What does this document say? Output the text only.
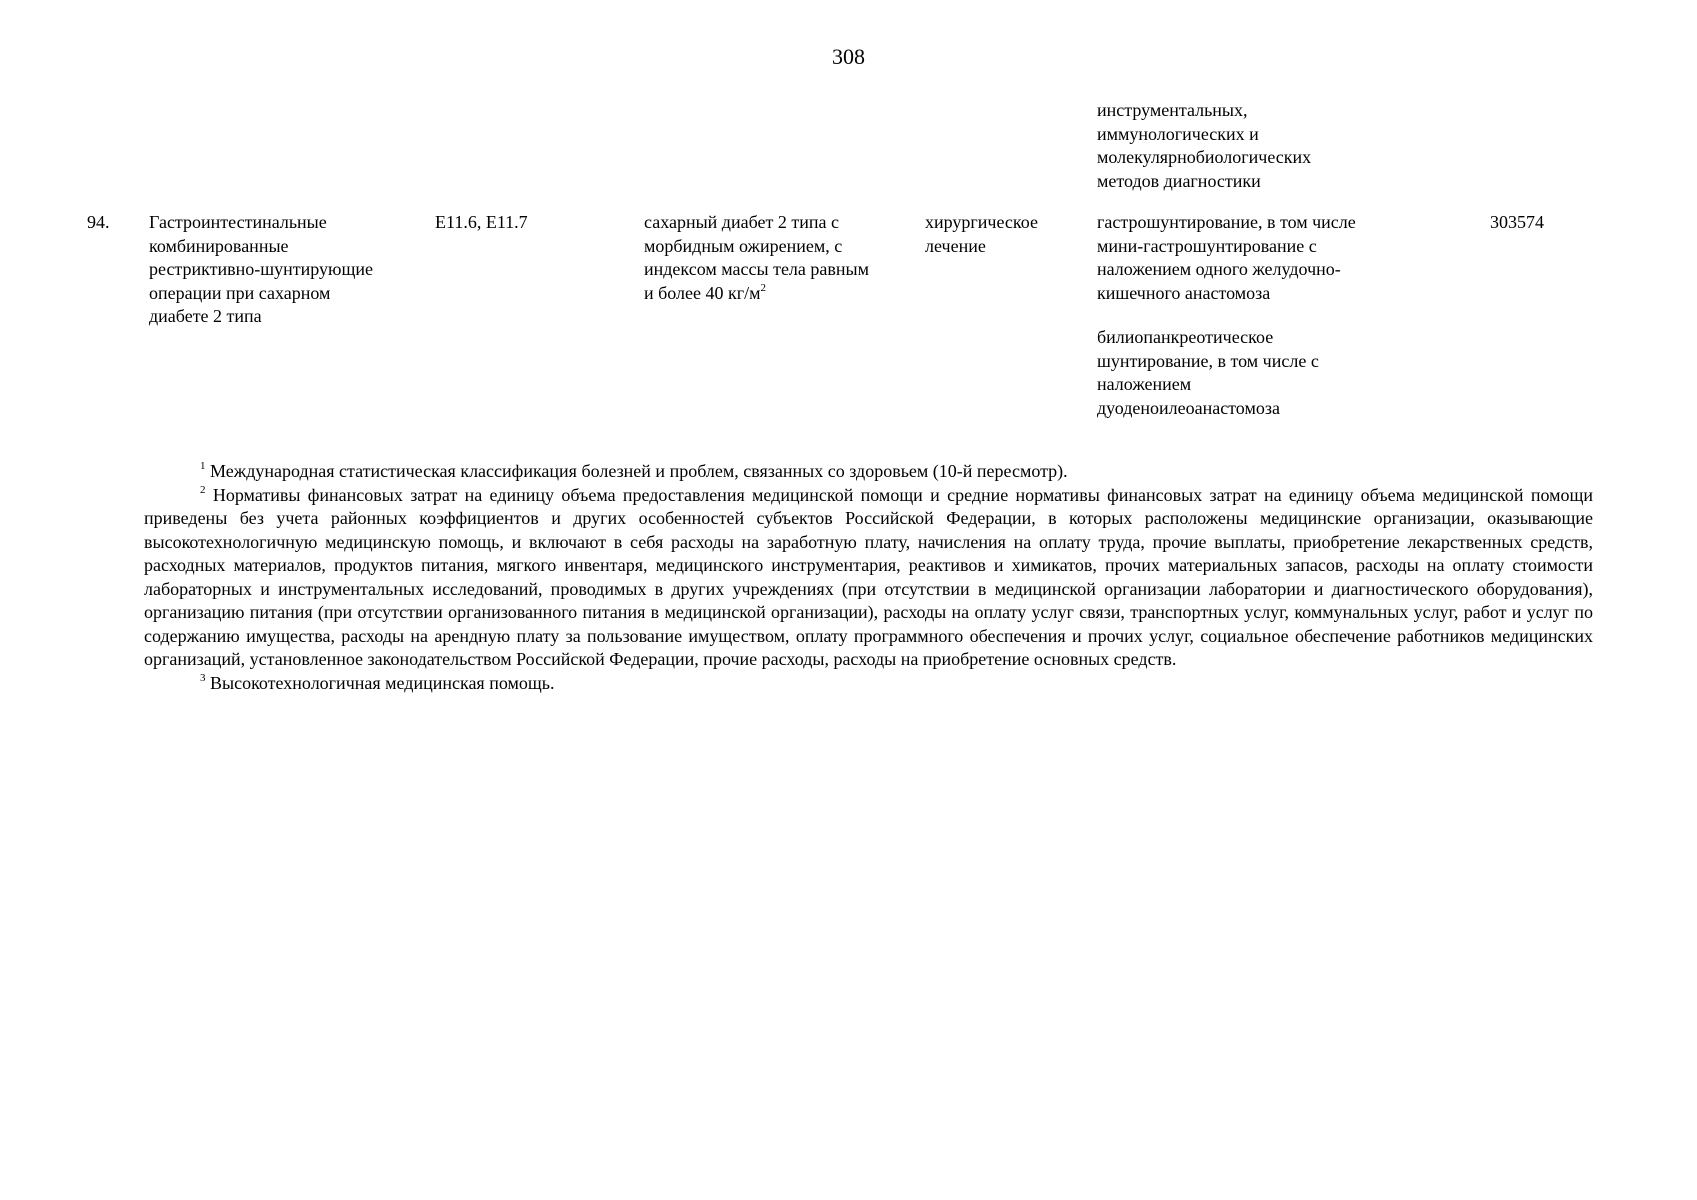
308
инструментальных,
иммунологических и
молекулярнобиологических
методов диагностики
94. Гастроинтестинальные
комбинированные
рестриктивно-шунтирующие
операции при сахарном
диабете 2 типа
E11.6, E11.7	сахарный диабет 2 типа с
морбидным ожирением, с
индексом массы тела равным
и более 40 $кг/м^2$
хирургическое
лечение
гастрошунтирование, в том числе
мини-гастрошунтирование с
наложением одного желудочно-
кишечного анастомоза
билиопанкреотическое
шунтирование, в том числе с
наложением
дуоденоилеоанастомоза
303574

$^1$ Международная статистическая классификация болезней и проблем, связанных со здоровьем (10-й пересмотр).

$^2$ Нормативы финансовых затрат на единицу объема предоставления медицинской помощи и средние нормативы финансовых затрат на единицу объема медицинской помощи приведены без учета районных коэффициентов и других особенностей субъектов Российской Федерации, в которых расположены медицинские организации, оказывающие высокотехнологичную медицинскую помощь, и включают в себя расходы на заработную плату, начисления на оплату труда, прочие выплаты, приобретение лекарственных средств, расходных материалов, продуктов питания, мягкого инвентаря, медицинского инструментария, реактивов и химикатов, прочих материальных запасов, расходы на оплату стоимости лабораторных и инструментальных исследований, проводимых в других учреждениях (при отсутствии в медицинской организации лаборатории и диагностического оборудования), организацию питания (при отсутствии организованного питания в медицинской организации), расходы на оплату услуг связи, транспортных услуг, коммунальных услуг, работ и услуг по содержанию имущества, расходы на арендную плату за пользование имуществом, оплату программного обеспечения и прочих услуг, социальное обеспечение работников медицинских организаций, установленное законодательством Российской Федерации, прочие расходы, расходы на приобретение основных средств.

$^3$ Высокотехнологичная медицинская помощь.
